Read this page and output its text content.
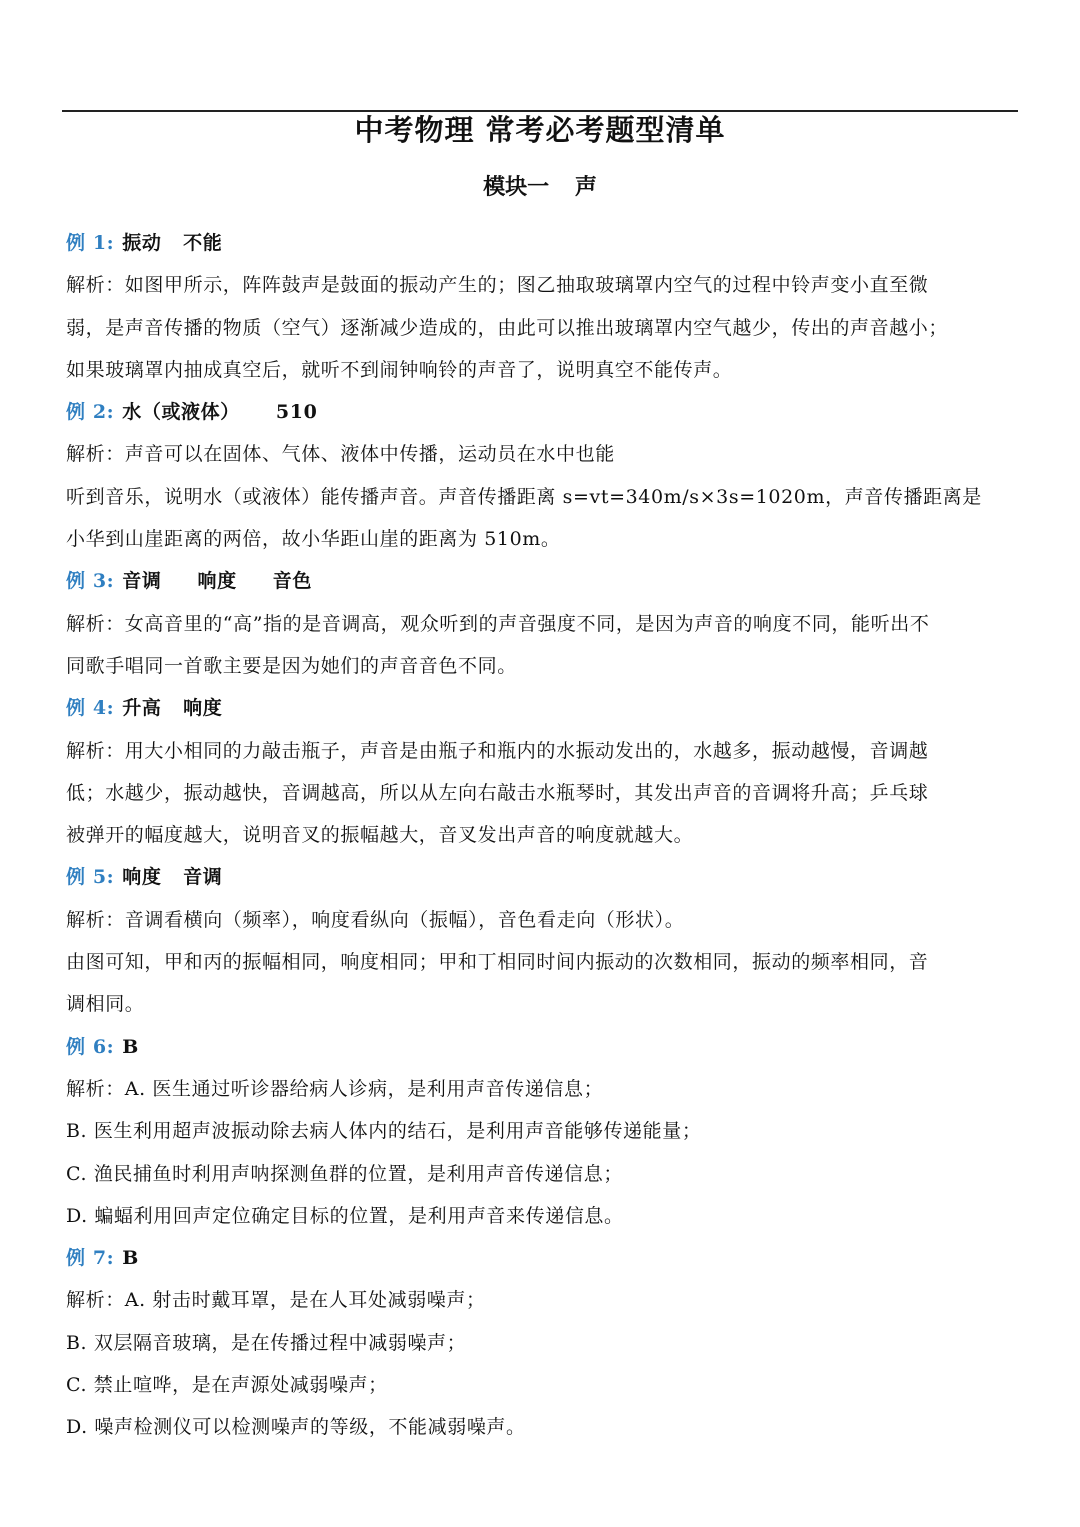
中考物理 常考必考题型清单
模块一 声
例 1: 振动   不能
解析：如图甲所示，阵阵鼓声是鼓面的振动产生的；图乙抽取玻璃罩内空气的过程中铃声变小直至微
弱，是声音传播的物质（空气）逐渐减少造成的，由此可以推出玻璃罩内空气越少，传出的声音越小；
如果玻璃罩内抽成真空后，就听不到闹钟响铃的声音了，说明真空不能传声。
例 2: 水（或液体）     510
解析：声音可以在固体、气体、液体中传播，运动员在水中也能
听到音乐，说明水（或液体）能传播声音。声音传播距离 s=vt=340m/s×3s=1020m，声音传播距离是
小华到山崖距离的两倍，故小华距山崖的距离为 510m。
例 3: 音调     响度     音色
解析：女高音里的“高”指的是音调高，观众听到的声音强度不同，是因为声音的响度不同，能听出不
同歌手唱同一首歌主要是因为她们的声音音色不同。
例 4: 升高   响度
解析：用大小相同的力敲击瓶子，声音是由瓶子和瓶内的水振动发出的，水越多，振动越慢，音调越
低；水越少，振动越快，音调越高，所以从左向右敲击水瓶琴时，其发出声音的音调将升高；乒乓球
被弹开的幅度越大，说明音叉的振幅越大，音叉发出声音的响度就越大。
例 5: 响度   音调
解析：音调看横向（频率），响度看纵向（振幅），音色看走向（形状）。
由图可知，甲和丙的振幅相同，响度相同；甲和丁相同时间内振动的次数相同，振动的频率相同，音
调相同。
例 6: B
解析：A. 医生通过听诊器给病人诊病，是利用声音传递信息；
B. 医生利用超声波振动除去病人体内的结石，是利用声音能够传递能量；
C. 渔民捕鱼时利用声呐探测鱼群的位置，是利用声音传递信息；
D. 蝙蝠利用回声定位确定目标的位置，是利用声音来传递信息。
例 7: B
解析：A. 射击时戴耳罩，是在人耳处减弱噪声；
B. 双层隔音玻璃，是在传播过程中减弱噪声；
C. 禁止喧哗，是在声源处减弱噪声；
D. 噪声检测仪可以检测噪声的等级，不能减弱噪声。
